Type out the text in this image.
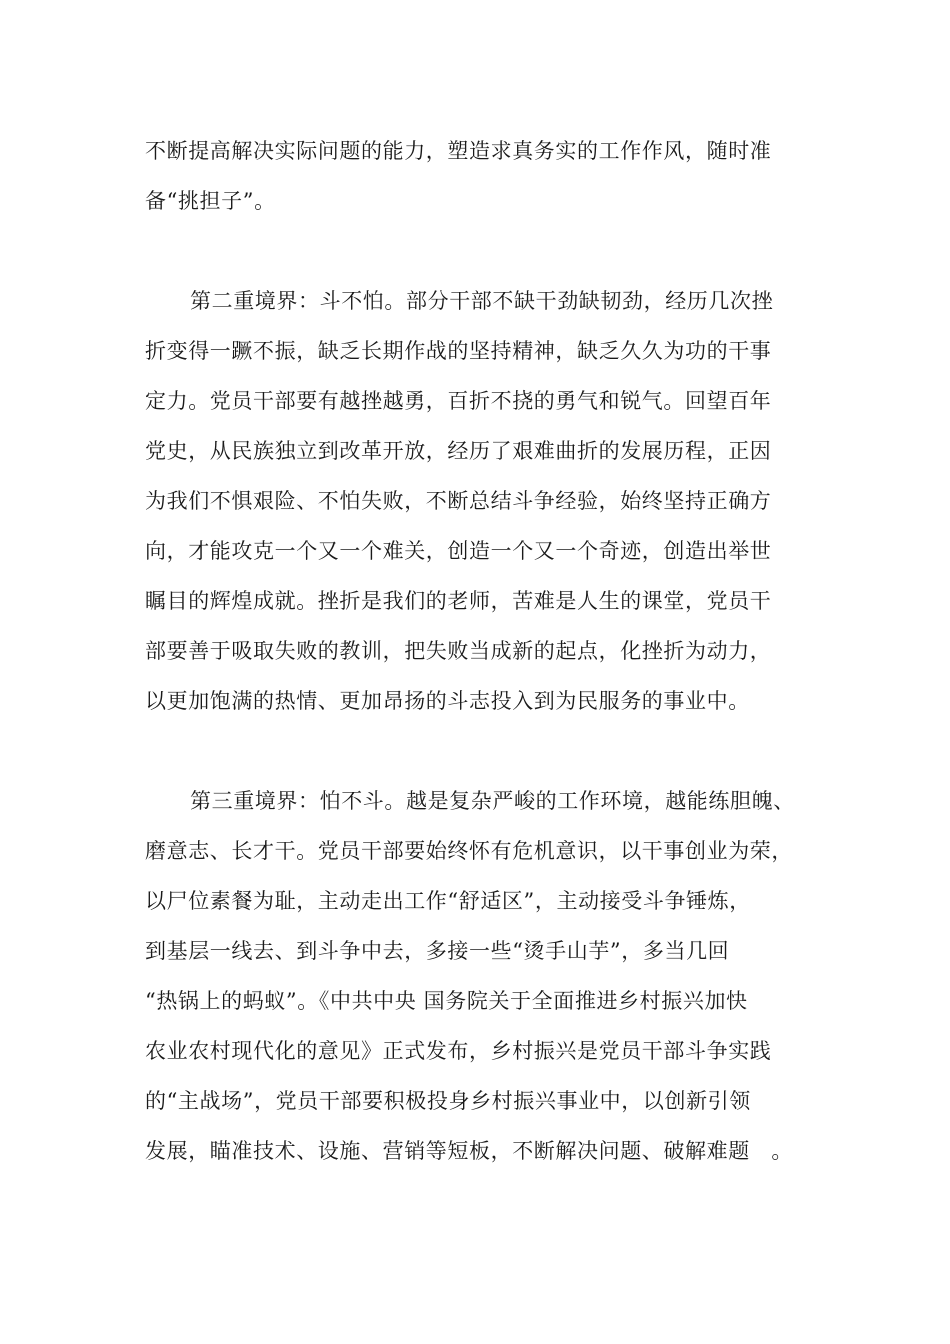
不断提高解决实际问题的能力，塑造求真务实的工作作风，随时准
备“挑担子”。
第二重境界：斗不怕。部分干部不缺干劲缺韧劲，经历几次挫
折变得一蹶不振，缺乏长期作战的坚持精神，缺乏久久为功的干事
定力。党员干部要有越挫越勇，百折不挠的勇气和锐气。回望百年
党史，从民族独立到改革开放，经历了艰难曲折的发展历程，正因
为我们不惧艰险、不怕失败，不断总结斗争经验，始终坚持正确方
向，才能攻克一个又一个难关，创造一个又一个奇迹，创造出举世
瞩目的辉煌成就。挫折是我们的老师，苦难是人生的课堂，党员干
部要善于吸取失败的教训，把失败当成新的起点，化挫折为动力，
以更加饱满的热情、更加昂扬的斗志投入到为民服务的事业中。
第三重境界：怕不斗。越是复杂严峻的工作环境，越能练胆魄、
磨意志、长才干。党员干部要始终怀有危机意识，以干事创业为荣，
以尸位素餐为耻，主动走出工作“舒适区”，主动接受斗争锤炼，
到基层一线去、到斗争中去，多接一些“烫手山芋”，多当几回
“热锅上的蚂蚁”。《中共中央 国务院关于全面推进乡村振兴加快
农业农村现代化的意见》正式发布，乡村振兴是党员干部斗争实践
的“主战场”，党员干部要积极投身乡村振兴事业中，以创新引领
发展，瞄准技术、设施、营销等短板，不断解决问题、破解难题　。
